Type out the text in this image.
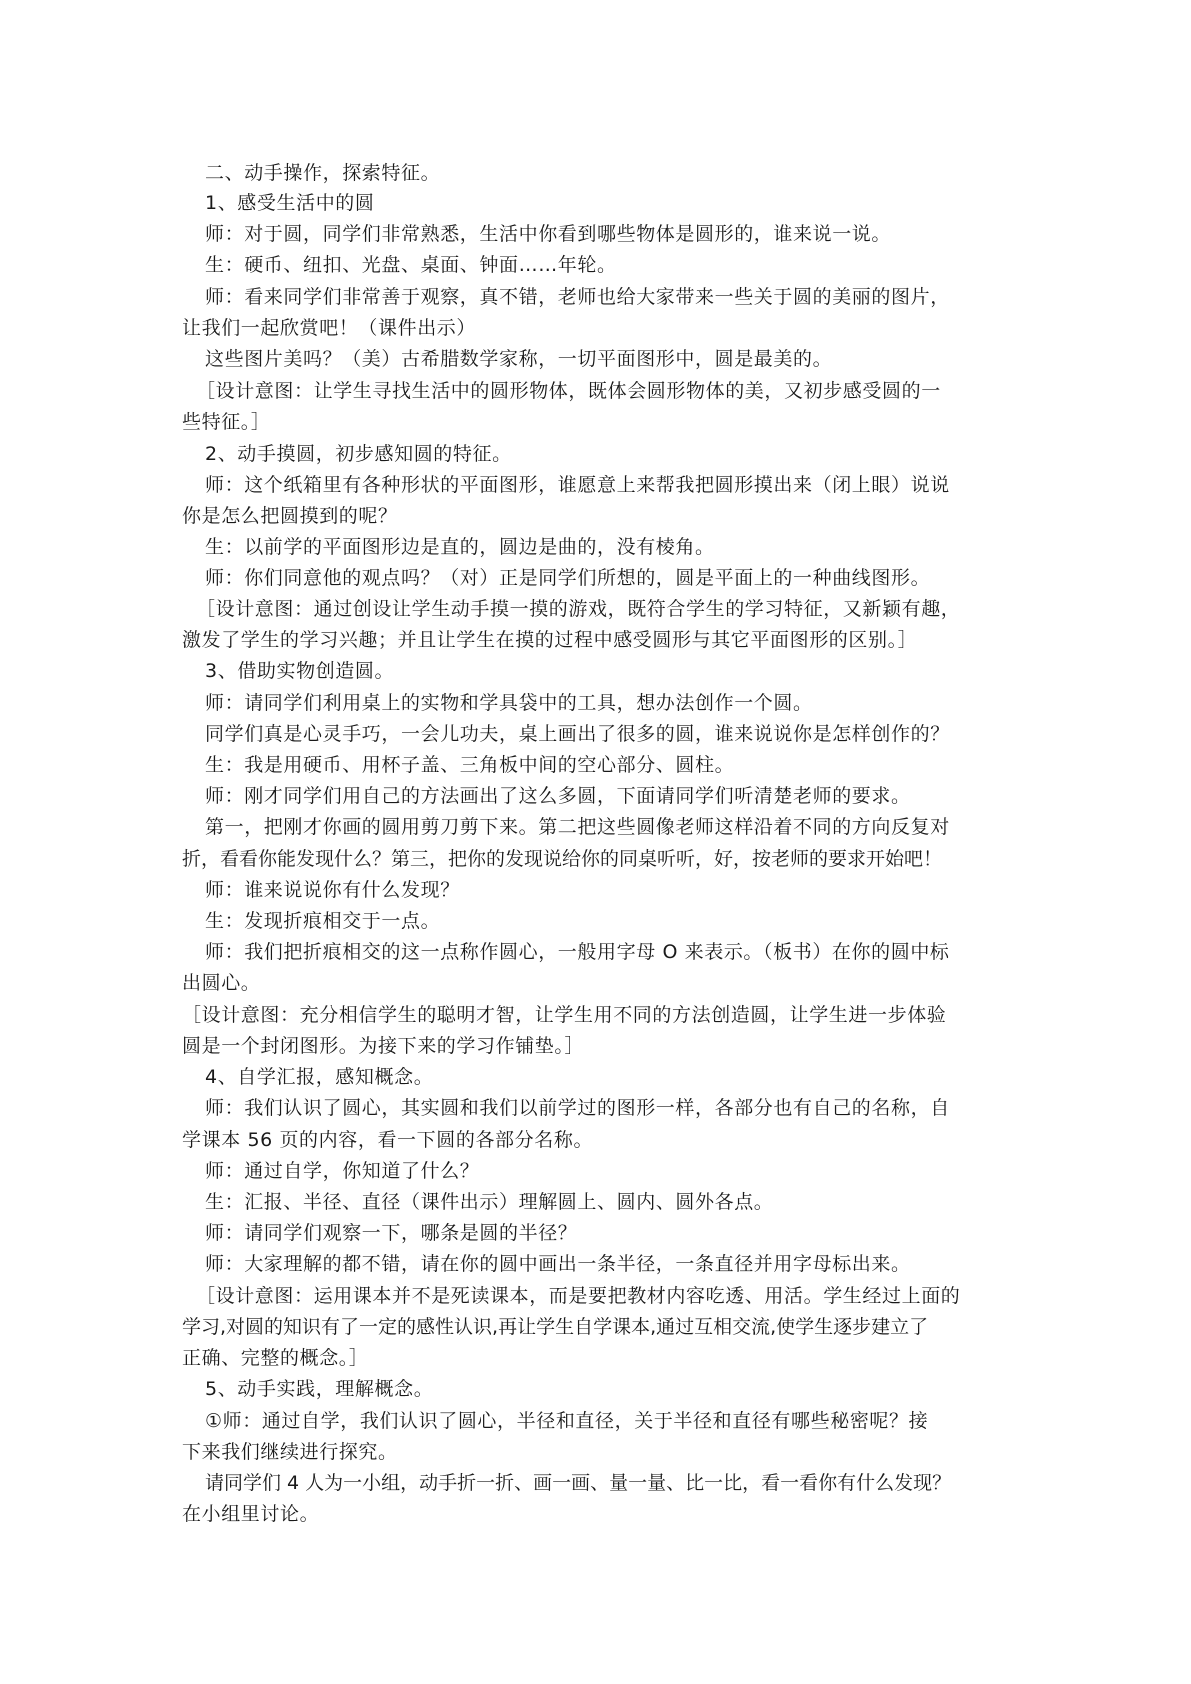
二、动手操作，探索特征。
1、感受生活中的圆
师：对于圆，同学们非常熟悉，生活中你看到哪些物体是圆形的，谁来说一说。
生：硬币、纽扣、光盘、桌面、钟面……年轮。
师：看来同学们非常善于观察，真不错，老师也给大家带来一些关于圆的美丽的图片，
让我们一起欣赏吧！（课件出示）
这些图片美吗？（美）古希腊数学家称，一切平面图形中，圆是最美的。
［设计意图：让学生寻找生活中的圆形物体，既体会圆形物体的美，又初步感受圆的一
些特征。］
2、动手摸圆，初步感知圆的特征。
师：这个纸箱里有各种形状的平面图形，谁愿意上来帮我把圆形摸出来（闭上眼）说说
你是怎么把圆摸到的呢？
生：以前学的平面图形边是直的，圆边是曲的，没有棱角。
师：你们同意他的观点吗？（对）正是同学们所想的，圆是平面上的一种曲线图形。
［设计意图：通过创设让学生动手摸一摸的游戏，既符合学生的学习特征，又新颖有趣，
激发了学生的学习兴趣；并且让学生在摸的过程中感受圆形与其它平面图形的区别。］
3、借助实物创造圆。
师：请同学们利用桌上的实物和学具袋中的工具，想办法创作一个圆。
同学们真是心灵手巧，一会儿功夫，桌上画出了很多的圆，谁来说说你是怎样创作的？
生：我是用硬币、用杯子盖、三角板中间的空心部分、圆柱。
师：刚才同学们用自己的方法画出了这么多圆，下面请同学们听清楚老师的要求。
第一，把刚才你画的圆用剪刀剪下来。第二把这些圆像老师这样沿着不同的方向反复对
折，看看你能发现什么？第三，把你的发现说给你的同桌听听，好，按老师的要求开始吧！
师：谁来说说你有什么发现？
生：发现折痕相交于一点。
师：我们把折痕相交的这一点称作圆心，一般用字母 O 来表示。（板书）在你的圆中标
出圆心。
［设计意图：充分相信学生的聪明才智，让学生用不同的方法创造圆，让学生进一步体验
圆是一个封闭图形。为接下来的学习作铺垫。］
4、自学汇报，感知概念。
师：我们认识了圆心，其实圆和我们以前学过的图形一样，各部分也有自己的名称，自
学课本 56 页的内容，看一下圆的各部分名称。
师：通过自学，你知道了什么？
生：汇报、半径、直径（课件出示）理解圆上、圆内、圆外各点。
师：请同学们观察一下，哪条是圆的半径？
师：大家理解的都不错，请在你的圆中画出一条半径，一条直径并用字母标出来。
［设计意图：运用课本并不是死读课本，而是要把教材内容吃透、用活。学生经过上面的
学习,对圆的知识有了一定的感性认识,再让学生自学课本,通过互相交流,使学生逐步建立了
正确、完整的概念。］
5、动手实践，理解概念。
①师：通过自学，我们认识了圆心，半径和直径，关于半径和直径有哪些秘密呢？接
下来我们继续进行探究。
请同学们 4 人为一小组，动手折一折、画一画、量一量、比一比，看一看你有什么发现？
在小组里讨论。
